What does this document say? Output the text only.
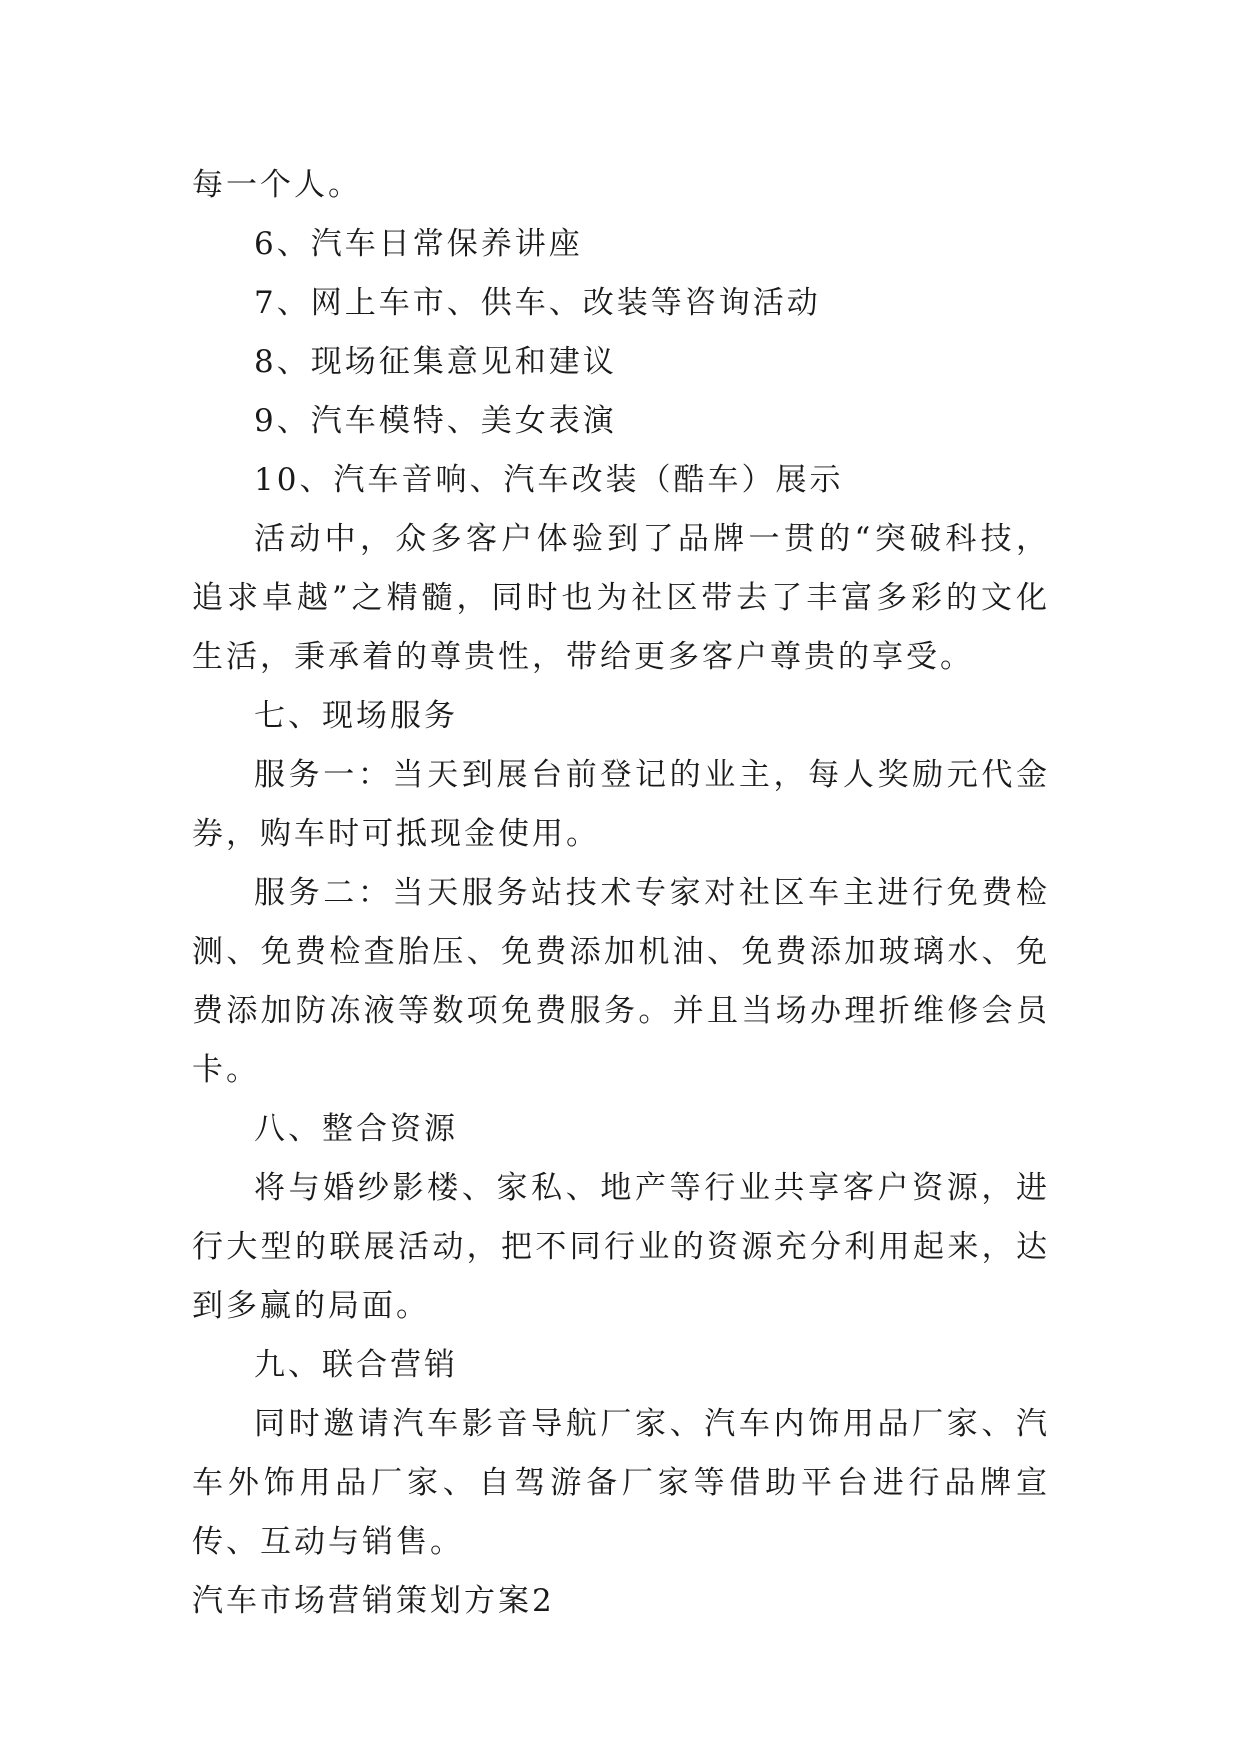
每一个人。

6、汽车日常保养讲座

7、网上车市、供车、改装等咨询活动

8、现场征集意见和建议

9、汽车模特、美女表演

10、汽车音响、汽车改装（酷车）展示

活动中，众多客户体验到了品牌一贯的“突破科技，追求卓越”之精髓，同时也为社区带去了丰富多彩的文化生活，秉承着的尊贵性，带给更多客户尊贵的享受。

七、现场服务

服务一：当天到展台前登记的业主，每人奖励元代金券，购车时可抵现金使用。

服务二：当天服务站技术专家对社区车主进行免费检测、免费检查胎压、免费添加机油、免费添加玻璃水、免费添加防冻液等数项免费服务。并且当场办理折维修会员卡。

八、整合资源

将与婚纱影楼、家私、地产等行业共享客户资源，进行大型的联展活动，把不同行业的资源充分利用起来，达到多赢的局面。

九、联合营销

同时邀请汽车影音导航厂家、汽车内饰用品厂家、汽车外饰用品厂家、自驾游备厂家等借助平台进行品牌宣传、互动与销售。

汽车市场营销策划方案2
